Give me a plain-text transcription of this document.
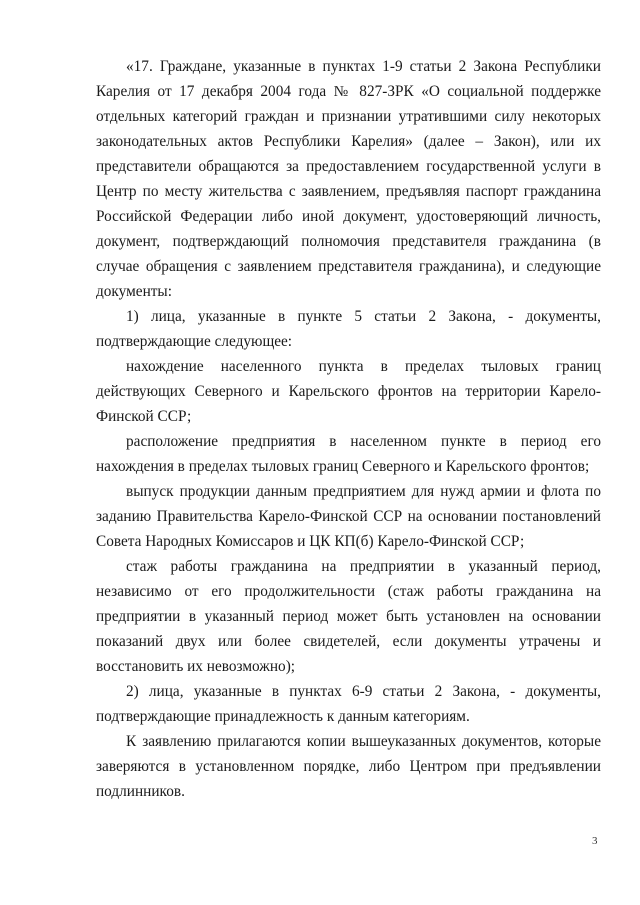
«17. Граждане, указанные в пунктах 1-9 статьи 2 Закона Республики Карелия от 17 декабря 2004 года № 827-ЗРК «О социальной поддержке отдельных категорий граждан и признании утратившими силу некоторых законодательных актов Республики Карелия» (далее – Закон), или их представители обращаются за предоставлением государственной услуги в Центр по месту жительства с заявлением, предъявляя паспорт гражданина Российской Федерации либо иной документ, удостоверяющий личность, документ, подтверждающий полномочия представителя гражданина (в случае обращения с заявлением представителя гражданина), и следующие документы:

1) лица, указанные в пункте 5 статьи 2 Закона, - документы, подтверждающие следующее:

нахождение населенного пункта в пределах тыловых границ действующих Северного и Карельского фронтов на территории Карело-Финской ССР;

расположение предприятия в населенном пункте в период его нахождения в пределах тыловых границ Северного и Карельского фронтов;

выпуск продукции данным предприятием для нужд армии и флота по заданию Правительства Карело-Финской ССР на основании постановлений Совета Народных Комиссаров и ЦК КП(б) Карело-Финской ССР;

стаж работы гражданина на предприятии в указанный период, независимо от его продолжительности (стаж работы гражданина на предприятии в указанный период может быть установлен на основании показаний двух или более свидетелей, если документы утрачены и восстановить их невозможно);

2) лица, указанные в пунктах 6-9 статьи 2 Закона, - документы, подтверждающие принадлежность к данным категориям.

К заявлению прилагаются копии вышеуказанных документов, которые заверяются в установленном порядке, либо Центром при предъявлении подлинников.

3
